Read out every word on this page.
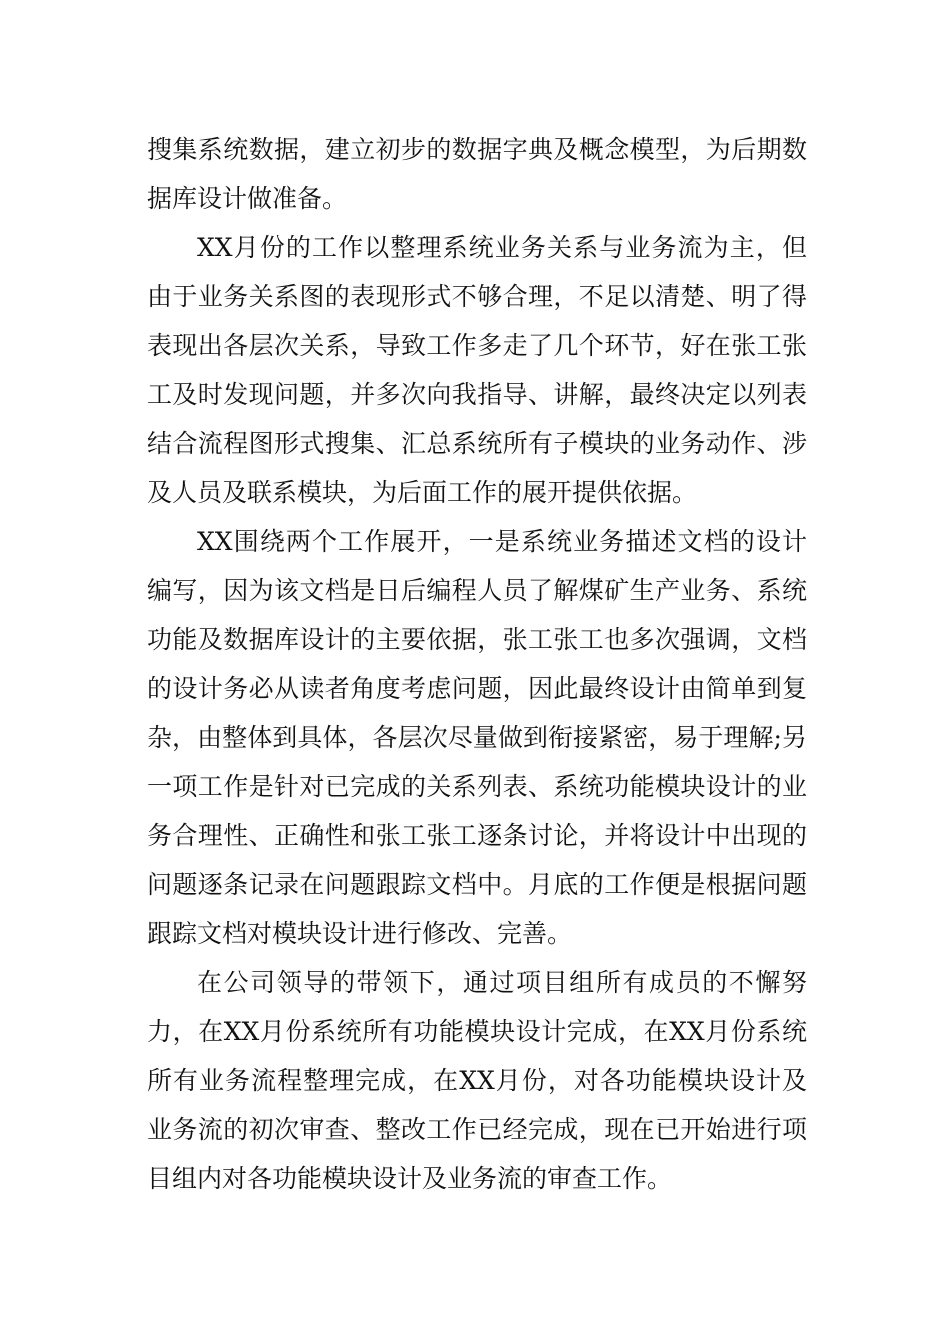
搜集系统数据，建立初步的数据字典及概念模型，为后期数据库设计做准备。

XX月份的工作以整理系统业务关系与业务流为主，但由于业务关系图的表现形式不够合理，不足以清楚、明了得表现出各层次关系，导致工作多走了几个环节，好在张工张工及时发现问题，并多次向我指导、讲解，最终决定以列表结合流程图形式搜集、汇总系统所有子模块的业务动作、涉及人员及联系模块，为后面工作的展开提供依据。

XX围绕两个工作展开，一是系统业务描述文档的设计编写，因为该文档是日后编程人员了解煤矿生产业务、系统功能及数据库设计的主要依据，张工张工也多次强调，文档的设计务必从读者角度考虑问题，因此最终设计由简单到复杂，由整体到具体，各层次尽量做到衔接紧密，易于理解;另一项工作是针对已完成的关系列表、系统功能模块设计的业务合理性、正确性和张工张工逐条讨论，并将设计中出现的问题逐条记录在问题跟踪文档中。月底的工作便是根据问题跟踪文档对模块设计进行修改、完善。

在公司领导的带领下，通过项目组所有成员的不懈努力，在XX月份系统所有功能模块设计完成，在XX月份系统所有业务流程整理完成，在XX月份，对各功能模块设计及业务流的初次审查、整改工作已经完成，现在已开始进行项目组内对各功能模块设计及业务流的审查工作。
